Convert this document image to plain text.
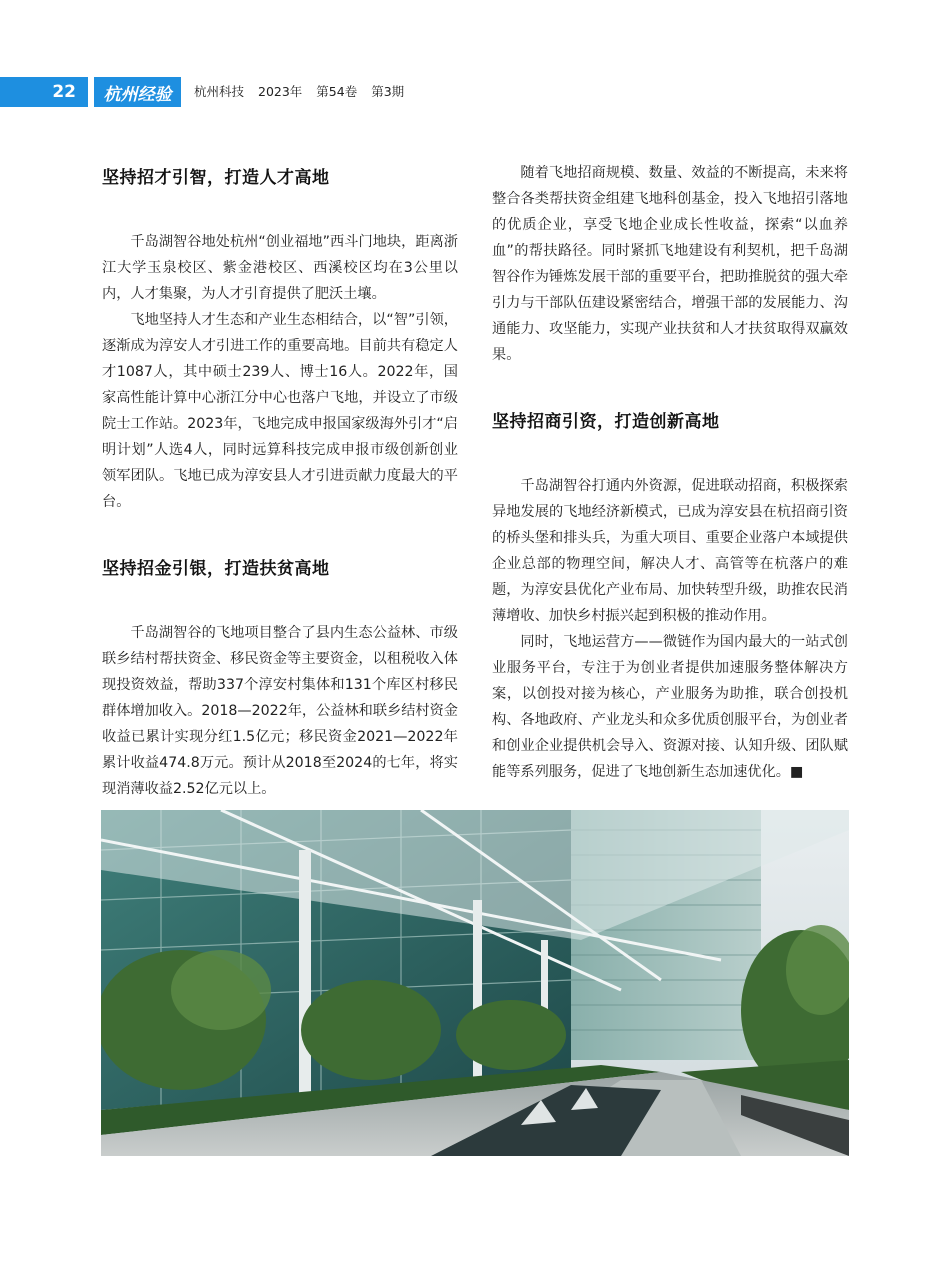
22	杭州经验	杭州科技 2023年 第54卷 第3期
坚持招才引智，打造人才高地

千岛湖智谷地处杭州“创业福地”西斗门地块，距离浙江大学玉泉校区、紫金港校区、西溪校区均在3公里以内，人才集聚，为人才引育提供了肥沃土壤。

飞地坚持人才生态和产业生态相结合，以“智”引领，逐渐成为淳安人才引进工作的重要高地。目前共有稳定人才1087人，其中硕士239人、博士16人。2022年，国家高性能计算中心浙江分中心也落户飞地，并设立了市级院士工作站。2023年，飞地完成申报国家级海外引才“启明计划”人选4人，同时远算科技完成申报市级创新创业领军团队。飞地已成为淳安县人才引进贡献力度最大的平台。

坚持招金引银，打造扶贫高地

千岛湖智谷的飞地项目整合了县内生态公益林、市级联乡结村帮扶资金、移民资金等主要资金，以租税收入体现投资效益，帮助337个淳安村集体和131个库区村移民群体增加收入。2018—2022年，公益林和联乡结村资金收益已累计实现分红1.5亿元；移民资金2021—2022年累计收益474.8万元。预计从2018至2024的七年，将实现消薄收益2.52亿元以上。

随着飞地招商规模、数量、效益的不断提高，未来将整合各类帮扶资金组建飞地科创基金，投入飞地招引落地的优质企业，享受飞地企业成长性收益，探索“以血养血”的帮扶路径。同时紧抓飞地建设有利契机，把千岛湖智谷作为锤炼发展干部的重要平台，把助推脱贫的强大牵引力与干部队伍建设紧密结合，增强干部的发展能力、沟通能力、攻坚能力，实现产业扶贫和人才扶贫取得双赢效果。

坚持招商引资，打造创新高地

千岛湖智谷打通内外资源，促进联动招商，积极探索异地发展的飞地经济新模式，已成为淳安县在杭招商引资的桥头堡和排头兵，为重大项目、重要企业落户本域提供企业总部的物理空间，解决人才、高管等在杭落户的难题，为淳安县优化产业布局、加快转型升级，助推农民消薄增收、加快乡村振兴起到积极的推动作用。

同时，飞地运营方——微链作为国内最大的一站式创业服务平台，专注于为创业者提供加速服务整体解决方案，以创投对接为核心，产业服务为助推，联合创投机构、各地政府、产业龙头和众多优质创服平台，为创业者和创业企业提供机会导入、资源对接、认知升级、团队赋能等系列服务，促进了飞地创新生态加速优化。■
